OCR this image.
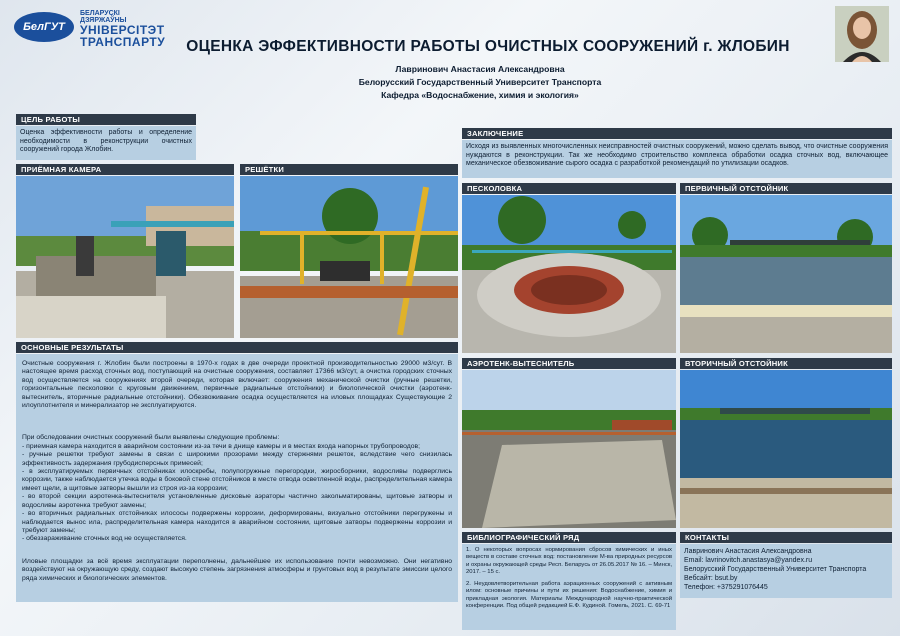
БелГУТ
БЕЛАРУСКІ
ДЗЯРЖАЎНЫ
УНІВЕРСІТЭТ
ТРАНСПАРТУ	ОЦЕНКА ЭФФЕКТИВНОСТИ РАБОТЫ ОЧИСТНЫХ СООРУЖЕНИЙ г. ЖЛОБИН
Лавринович Анастасия Александровна
Белорусский Государственный Университет Транспорта
Кафедра «Водоснабжение, химия и экология»
ЦЕЛЬ РАБОТЫ
Оценка эффективности работы и определение необходимости в реконструкции очистных сооружений города Жлобин.
ЗАКЛЮЧЕНИЕ
Исходя из выявленных многочисленных неисправностей очистных сооружений, можно сделать вывод, что очистные сооружения нуждаются в реконструкции. Так же необходимо строительство комплекса обработки осадка сточных вод, включающее механическое обезвоживание сырого осадка с разработкой рекомендаций по утилизации осадков.
ПРИЁМНАЯ КАМЕРА	РЕШЁТКИ
ПЕСКОЛОВКА	ПЕРВИЧНЫЙ ОТСТОЙНИК
ОСНОВНЫЕ РЕЗУЛЬТАТЫ

Очистные сооружения г. Жлобин были построены в 1970-х годах в две очереди проектной производительностью 29000 м3/сут. В настоящее время расход сточных вод, поступающий на очистные сооружения, составляет 17366 м3/сут, а очистка городских сточных вод осуществляется на сооружениях второй очереди, которая включает: сооружения механической очистки (ручные решетки, горизонтальные песколовки с круговым движением, первичные радиальные отстойники) и биологической очистки (аэротенк-вытеснитель, вторичные радиальные отстойники). Обезвоживание осадка осуществляется на иловых площадках Существующие 2 илоуплотнителя и минерализатор не эксплуатируются.

При обследовании очистных сооружений были выявлены следующие проблемы:

- приемная камера находится в аварийном состоянии из-за течи в днище камеры и в местах входа напорных трубопроводов;

- ручные решетки требуют замены в связи с широкими прозорами между стержнями решеток, вследствие чего снизилась эффективность задержания грубодисперсных примесей;

- в эксплуатируемых первичных отстойниках илоскребы, полупогружные перегородки, жиросборники, водосливы подверглись коррозии, также наблюдается утечка воды в боковой стене отстойников в месте отвода осветленной воды, распределительная камера имеет щели, а щитовые затворы вышли из строя из-за коррозии;

- во второй секции аэротенка-вытеснителя установленные дисковые аэраторы частично закольматированы, щитовые затворы и водосливы аэротенка требуют замены;

- во вторичных радиальных отстойниках илососы подвержены коррозии, деформированы, визуально отстойники перегружены и наблюдается вынос ила, распределительная камера находится в аварийном состоянии, щитовые затворы подвержены коррозии и требуют замены;

- обеззараживание сточных вод не осуществляется.

Иловые площадки за всё время эксплуатации переполнены, дальнейшее их использование почти невозможно. Они негативно воздействуют на окружающую среду, создают высокую степень загрязнения атмосферы и грунтовых вод в результате эмиссии целого ряда химических и биологических элементов.

АЭРОТЕНК-ВЫТЕСНИТЕЛЬ	ВТОРИЧНЫЙ ОТСТОЙНИК
БИБЛИОГРАФИЧЕСКИЙ РЯД

1. О некоторых вопросах нормирования сбросов химических и иных веществ в составе сточных вод: постановление М-ва природных ресурсов и охраны окружающей среды Респ. Беларусь от 26.05.2017 № 16. – Минск, 2017. – 15 с.

2. Неудовлетворительная работа аэрационных сооружений с активным илом: основные причины и пути их решения: Водоснабжение, химия и прикладная экология. Материалы Международной научно-практической конференции. Под общей редакцией Е.Ф. Кудиной. Гомель, 2021. С. 69-71

КОНТАКТЫ
Лавринович Анастасия Александровна
Email: lavrinovitch.anastasya@yandex.ru
Белорусский Государственный Университет Транспорта
Вебсайт: bsut.by
Телефон: +375291076445
